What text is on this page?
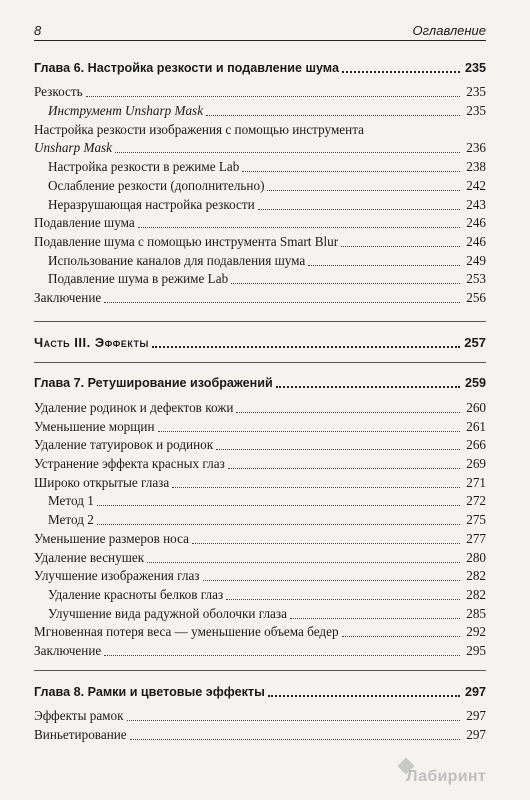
8	Оглавление
Глава 6. Настройка резкости и подавление шума	235
Резкость	235
Инструмент Unsharp Mask	235
Настройка резкости изображения с помощью инструмента
Unsharp Mask	236
Настройка резкости в режиме Lab	238
Ослабление резкости (дополнительно)	242
Неразрушающая настройка резкости	243
Подавление шума	246
Подавление шума с помощью инструмента Smart Blur	246
Использование каналов для подавления шума	249
Подавление шума в режиме Lab	253
Заключение	256
Часть III. Эффекты	257
Глава 7. Ретуширование изображений	259
Удаление родинок и дефектов кожи	260
Уменьшение морщин	261
Удаление татуировок и родинок	266
Устранение эффекта красных глаз	269
Широко открытые глаза	271
Метод 1	272
Метод 2	275
Уменьшение размеров носа	277
Удаление веснушек	280
Улучшение изображения глаз	282
Удаление красноты белков глаз	282
Улучшение вида радужной оболочки глаза	285
Мгновенная потеря веса — уменьшение объема бедер	292
Заключение	295
Глава 8. Рамки и цветовые эффекты	297
Эффекты рамок	297
Виньетирование	297
Лабиринт
